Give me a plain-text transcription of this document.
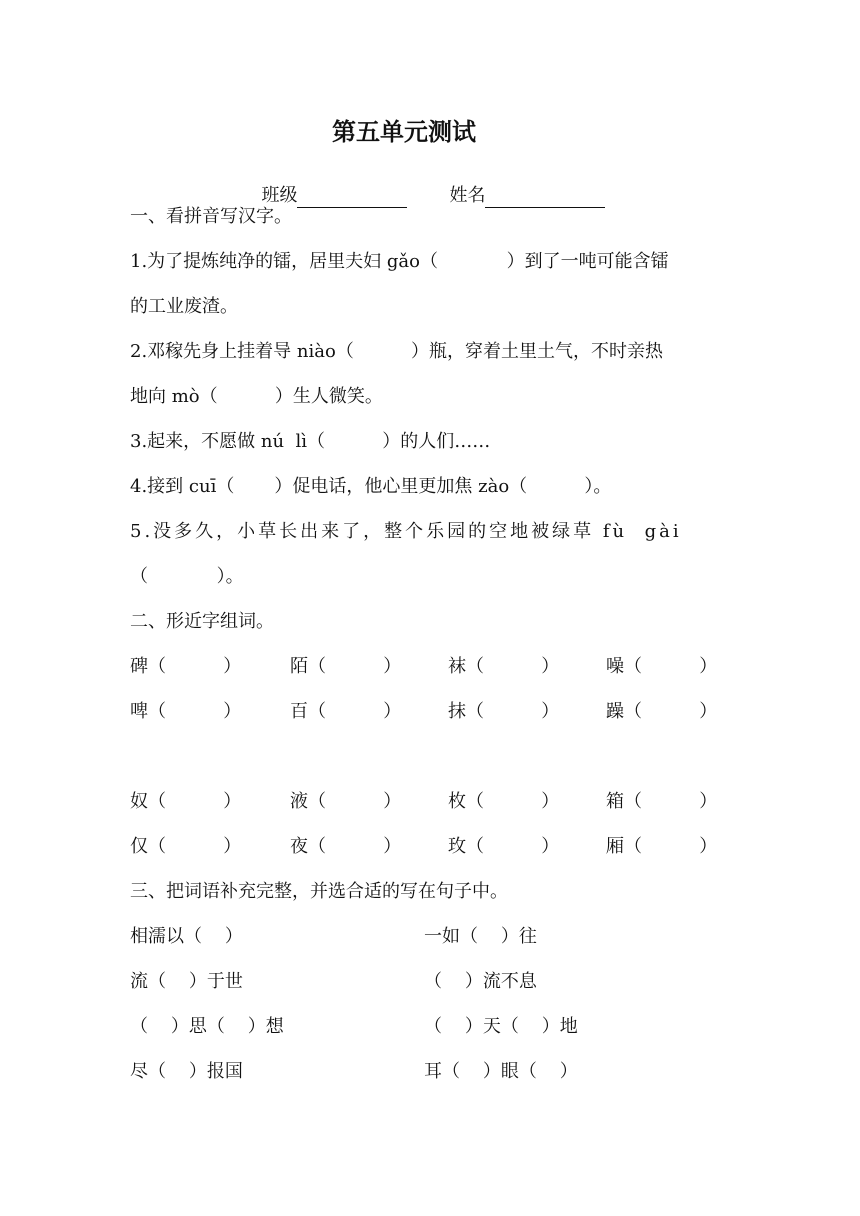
第五单元测试

班级	姓名

一、看拼音写汉字。
1.为了提炼纯净的镭，居里夫妇 gǎo（            ）到了一吨可能含镭
的工业废渣。
2.邓稼先身上挂着导 niào（          ）瓶，穿着土里土气，不时亲热
地向 mò（          ）生人微笑。
3.起来，不愿做 nú  lì（          ）的人们……
4.接到 cuī（       ）促电话，他心里更加焦 zào（          ）。
5.没多久，小草长出来了，整个乐园的空地被绿草 fù  gài
（            ）。
二、形近字组词。
碑（          ）	陌（          ）	袜（          ）	噪（          ）
啤（          ）	百（          ）	抹（          ）	躁（          ）
奴（          ）	液（          ）	枚（          ）	箱（          ）
仅（          ）	夜（          ）	玫（          ）	厢（          ）
三、把词语补充完整，并选合适的写在句子中。
相濡以（    ）	一如（    ）往
流（    ）于世	（    ）流不息
（    ）思（    ）想	（    ）天（    ）地
尽（    ）报国	耳（    ）眼（    ）
